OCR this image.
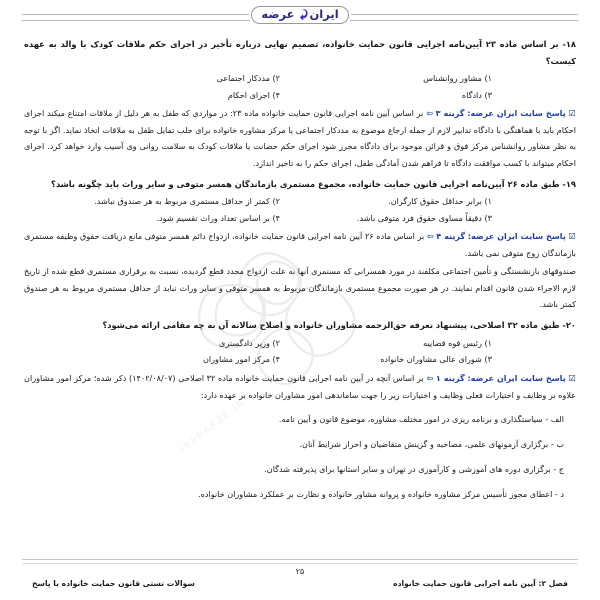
IRANARZE.IR
ایران
عرضه

۱۸- بر اساس ماده ۲۳ آیین‌نامه اجرایی قانون حمایت خانواده، تصمیم نهایی درباره تأخیر در اجرای حکم ملاقات کودک با والد به عهده کیست؟

۱) مشاور روانشناس
۲) مددکار اجتماعی
۳) دادگاه
۴) اجرای احکام

☑ پاسخ سایت ایران عرضه: گزینه ۳ ⇦ بر اساس آیین نامه اجرایی قانون حمایت خانواده ماده ۲۳: در مواردی که طفل به هر دلیل از ملاقات امتناع میکند اجرای احکام باید با هماهنگی با دادگاه تدابیر لازم از جمله ارجاع موضوع به مددکار اجتماعی یا مرکز مشاوره خانواده برای جلب تمایل طفل به ملاقات اتخاذ نماید. اگر با توجه به نظر مشاور روانشناس مرکز فوق و قرائن موجود برای دادگاه محرز شود اجرای حکم حضانت یا ملاقات کودک به سلامت روانی وی آسیب وارد خواهد کرد. اجرای احکام میتواند با کسب موافقت دادگاه تا فراهم شدن آمادگی طفل، اجرای حکم را به تاخیر اندازد.

۱۹- طبق ماده ۲۶ آیین‌نامه اجرایی قانون حمایت خانواده، مجموع مستمری بازماندگان همسر متوفی و سایر وراث باید چگونه باشد؟

۱) برابر حداقل حقوق کارگران.
۲) کمتر از حداقل مستمری مربوط به هر صندوق نباشد.
۳) دقیقاً مساوی حقوق فرد متوفی باشد.
۴) بر اساس تعداد وراث تقسیم شود.

☑ پاسخ سایت ایران عرضه: گزینه ۴ ⇦ بر اساس ماده ۲۶ آیین نامه اجرایی قانون حمایت خانواده، ازدواج دائم همسر متوفی مانع دریافت حقوق وظیفه مستمری بازماندگان زوج متوفی نمی باشد.

صندوقهای بازنشستگی و تأمین اجتماعی مکلفند در مورد همسرانی که مستمری آنها به علت ازدواج مجدد قطع گردیده، نسبت به برقراری مستمری قطع شده از تاریخ لازم الاجراء شدن قانون اقدام نمایند. در هر صورت مجموع مستمری بازماندگان مربوط به همسر متوفی و سایر وراث نباید از حداقل مستمری مربوط به هر صندوق کمتر باشد.

۲۰- طبق ماده ۳۲ اصلاحی، پیشنهاد تعرفه حق‌الزحمه مشاوران خانواده و اصلاح سالانه آن به چه مقامی ارائه می‌شود؟

۱) رئیس قوه قضاییه
۲) وزیر دادگستری
۳) شورای عالی مشاوران خانواده
۴) مرکز امور مشاوران

☑ پاسخ سایت ایران عرضه: گزینه ۱ ⇦ بر اساس آنچه در آیین نامه اجرایی قانون حمایت خانواده ماده ۳۲ اصلاحی (۱۴۰۲/۰۸/۰۷) ذکر شده؛ مرکز امور مشاوران علاوه بر وظایف و اختیارات فعلی وظایف و اختیارات زیر را جهت ساماندهی امور مشاوران خانواده بر عهده دارد:

الف - سیاستگذاری و برنامه ریزی در امور مختلف مشاوره، موضوع قانون و آیین نامه.

ب - برگزاری آزمونهای علمی، مصاحبه و گزینش متقاضیان و احراز شرایط آنان.

ج - برگزاری دوره های آموزشی و کارآموزی در تهران و سایر استانها برای پذیرفته شدگان.

د - اعطای مجوز تأسیس مرکز مشاوره خانواده و پروانه مشاور خانواده و نظارت بر عملکرد مشاوران خانواده.

۲۵
فصل ۲: آیین نامه اجرایی قانون حمایت خانواده
سوالات تستی قانون حمایت خانواده با پاسخ
